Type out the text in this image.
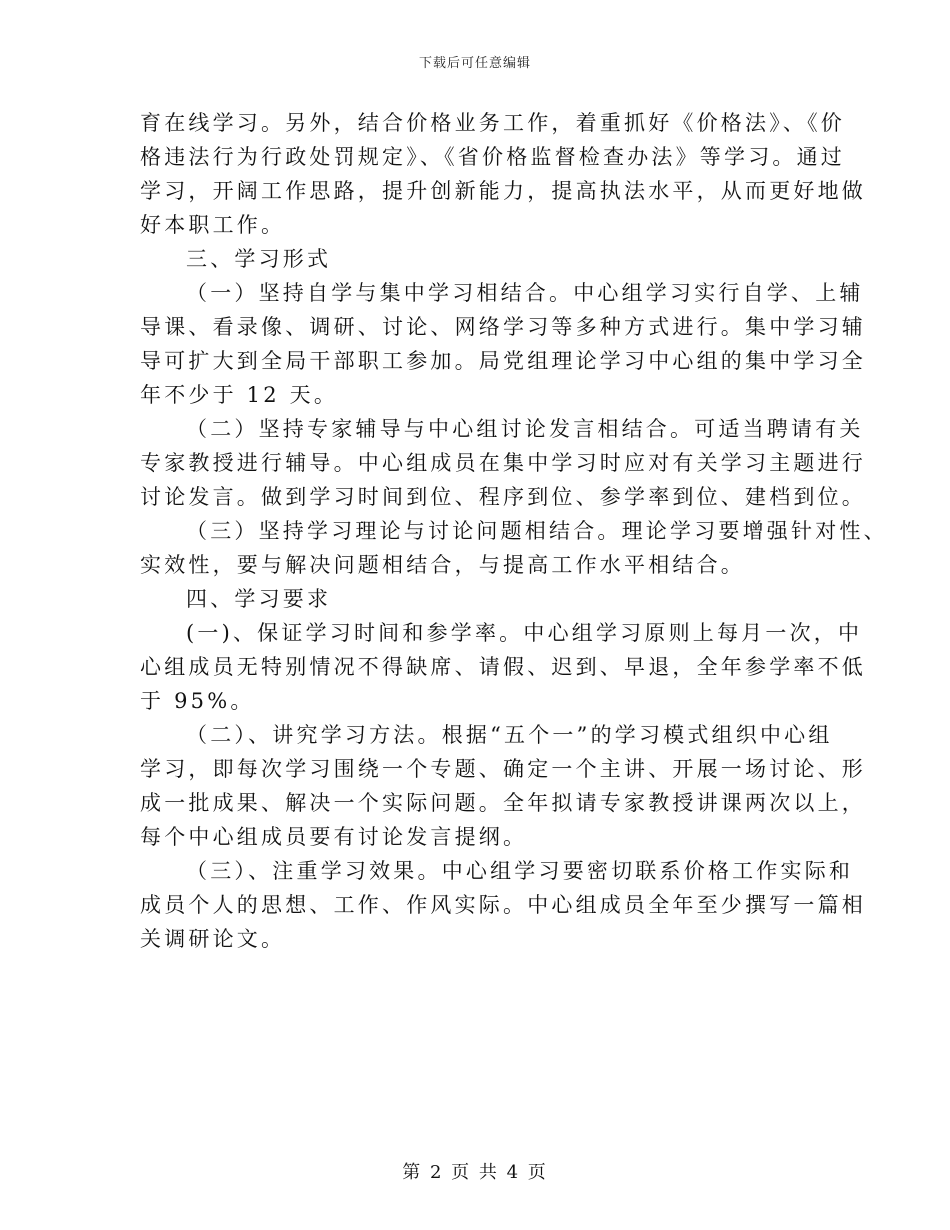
下载后可任意编辑
育在线学习。另外，结合价格业务工作，着重抓好《价格法》、《价
格违法行为行政处罚规定》、《省价格监督检查办法》等学习。通过
学习，开阔工作思路，提升创新能力，提高执法水平，从而更好地做
好本职工作。
三、学习形式
（一）坚持自学与集中学习相结合。中心组学习实行自学、上辅
导课、看录像、调研、讨论、网络学习等多种方式进行。集中学习辅
导可扩大到全局干部职工参加。局党组理论学习中心组的集中学习全
年不少于 12 天。
（二）坚持专家辅导与中心组讨论发言相结合。可适当聘请有关
专家教授进行辅导。中心组成员在集中学习时应对有关学习主题进行
讨论发言。做到学习时间到位、程序到位、参学率到位、建档到位。
（三）坚持学习理论与讨论问题相结合。理论学习要增强针对性、
实效性，要与解决问题相结合，与提高工作水平相结合。
四、学习要求
(一)、保证学习时间和参学率。中心组学习原则上每月一次，中
心组成员无特别情况不得缺席、请假、迟到、早退，全年参学率不低
于 95%。
（二）、讲究学习方法。根据“五个一”的学习模式组织中心组
学习，即每次学习围绕一个专题、确定一个主讲、开展一场讨论、形
成一批成果、解决一个实际问题。全年拟请专家教授讲课两次以上，
每个中心组成员要有讨论发言提纲。
（三）、注重学习效果。中心组学习要密切联系价格工作实际和
成员个人的思想、工作、作风实际。中心组成员全年至少撰写一篇相
关调研论文。
第 2 页 共 4 页
